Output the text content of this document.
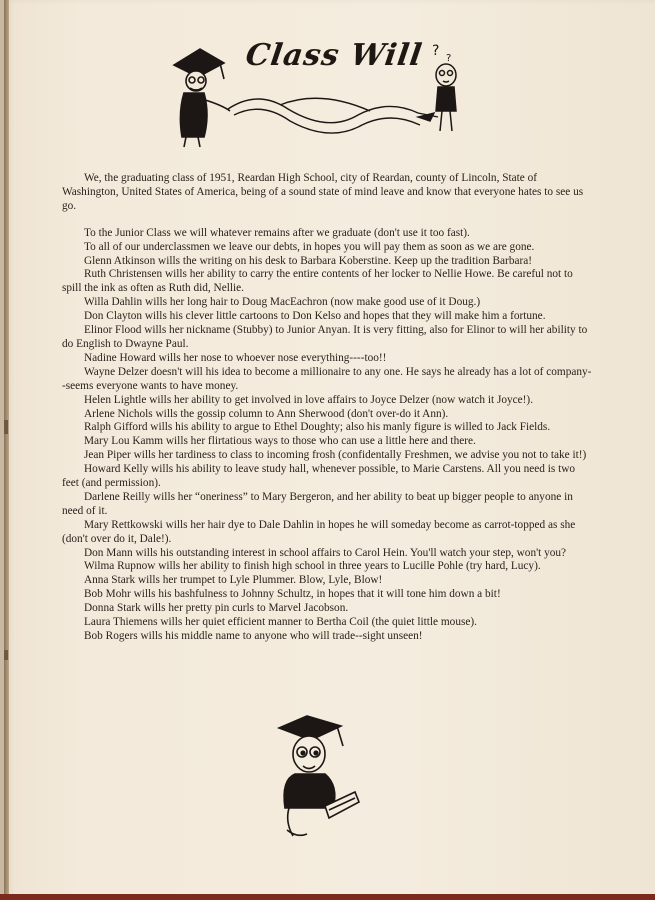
? ?
Class Will

We, the graduating class of 1951, Reardan High School, city of Reardan, county of Lincoln, State of Washington, United States of America, being of a sound state of mind leave and know that everyone hates to see us go.

To the Junior Class we will whatever remains after we graduate (don't use it too fast).

To all of our underclassmen we leave our debts, in hopes you will pay them as soon as we are gone.

Glenn Atkinson wills the writing on his desk to Barbara Koberstine. Keep up the tradition Barbara!

Ruth Christensen wills her ability to carry the entire contents of her locker to Nellie Howe. Be careful not to spill the ink as often as Ruth did, Nellie.

Willa Dahlin wills her long hair to Doug MacEachron (now make good use of it Doug.)

Don Clayton wills his clever little cartoons to Don Kelso and hopes that they will make him a fortune.

Elinor Flood wills her nickname (Stubby) to Junior Anyan. It is very fitting, also for Elinor to will her ability to do English to Dwayne Paul.

Nadine Howard wills her nose to whoever nose everything----too!!

Wayne Delzer doesn't will his idea to become a millionaire to any one. He says he already has a lot of company--seems everyone wants to have money.

Helen Lightle wills her ability to get involved in love affairs to Joyce Delzer (now watch it Joyce!).

Arlene Nichols wills the gossip column to Ann Sherwood (don't over-do it Ann).

Ralph Gifford wills his ability to argue to Ethel Doughty; also his manly figure is willed to Jack Fields.

Mary Lou Kamm wills her flirtatious ways to those who can use a little here and there.

Jean Piper wills her tardiness to class to incoming frosh (confidentally Freshmen, we advise you not to take it!)

Howard Kelly wills his ability to leave study hall, whenever possible, to Marie Carstens. All you need is two feet (and permission).

Darlene Reilly wills her “oneriness” to Mary Bergeron, and her ability to beat up bigger people to anyone in need of it.

Mary Rettkowski wills her hair dye to Dale Dahlin in hopes he will someday become as carrot-topped as she (don't over do it, Dale!).

Don Mann wills his outstanding interest in school affairs to Carol Hein. You'll watch your step, won't you?

Wilma Rupnow wills her ability to finish high school in three years to Lucille Pohle (try hard, Lucy).

Anna Stark wills her trumpet to Lyle Plummer. Blow, Lyle, Blow!

Bob Mohr wills his bashfulness to Johnny Schultz, in hopes that it will tone him down a bit!

Donna Stark wills her pretty pin curls to Marvel Jacobson.

Laura Thiemens wills her quiet efficient manner to Bertha Coil (the quiet little mouse).

Bob Rogers wills his middle name to anyone who will trade--sight unseen!
